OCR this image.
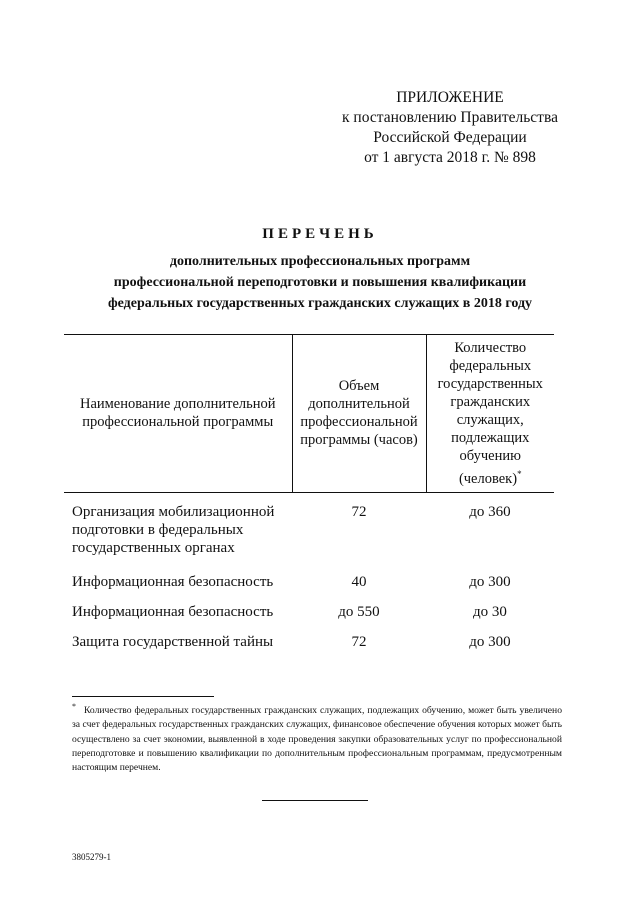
ПРИЛОЖЕНИЕ
к постановлению Правительства
Российской Федерации
от 1 августа 2018 г. № 898
ПЕРЕЧЕНЬ
дополнительных профессиональных программ
профессиональной переподготовки и повышения квалификации
федеральных государственных гражданских служащих в 2018 году
Наименование дополнительной профессиональной программы	Объем дополнительной профессиональной программы (часов)	Количество федеральных государственных гражданских служащих, подлежащих обучению (человек)*
Организация мобилизационной подготовки в федеральных государственных органах	72	до 360
Информационная безопасность	40	до 300
Информационная безопасность	до 550	до 30
Защита государственной тайны	72	до 300
* Количество федеральных государственных гражданских служащих, подлежащих обучению, может быть увеличено за счет федеральных государственных гражданских служащих, финансовое обеспечение обучения которых может быть осуществлено за счет экономии, выявленной в ходе проведения закупки образовательных услуг по профессиональной переподготовке и повышению квалификации по дополнительным профессиональным программам, предусмотренным настоящим перечнем.
3805279-1
